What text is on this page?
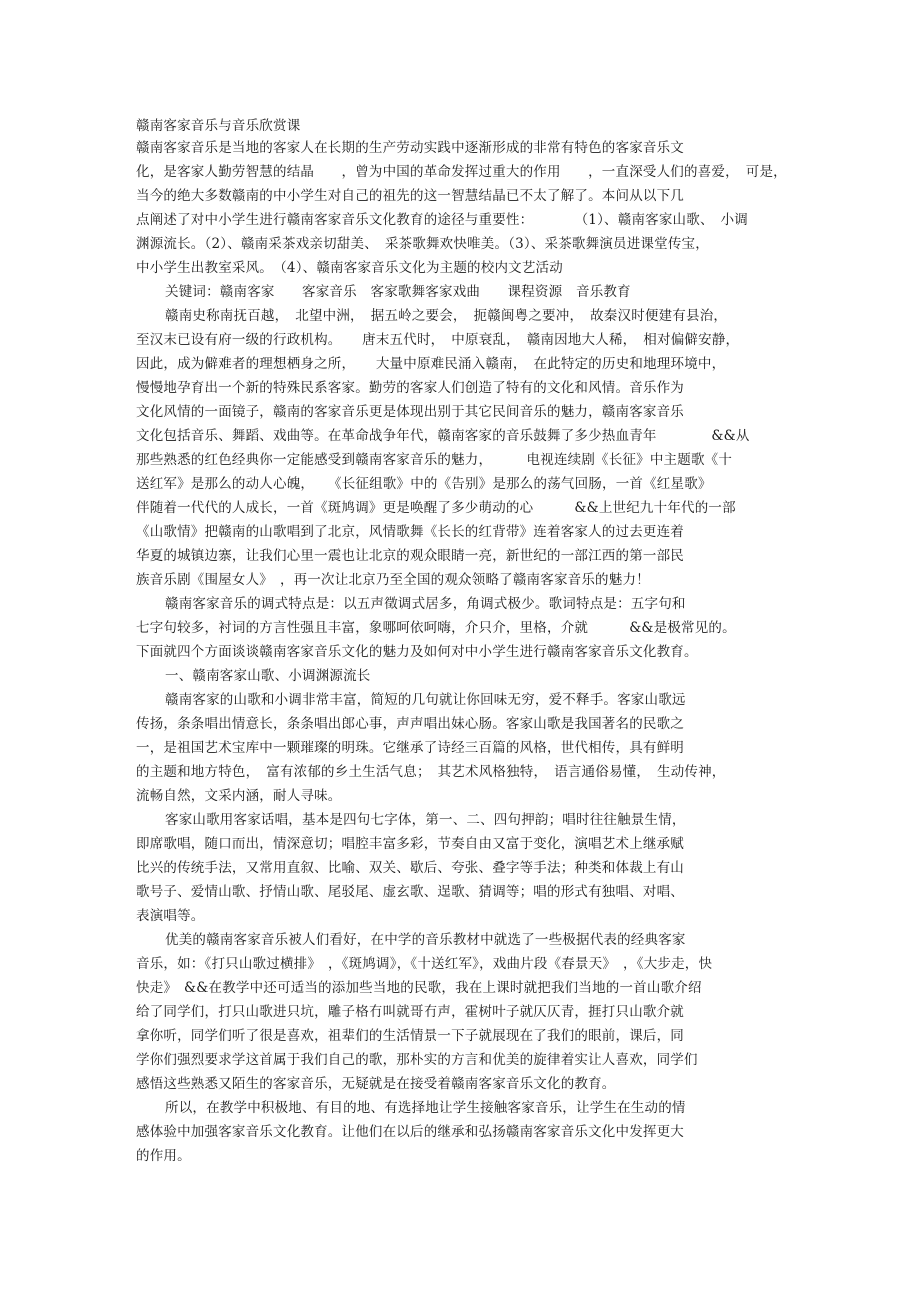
赣南客家音乐与音乐欣赏课
赣南客家音乐是当地的客家人在长期的生产劳动实践中逐渐形成的非常有特色的客家音乐文
化，是客家人勤劳智慧的结晶　　，曾为中国的革命发挥过重大的作用　　，一直深受人们的喜爱，　可是，
当今的绝大多数赣南的中小学生对自己的祖先的这一智慧结晶已不太了解了。本问从以下几
点阐述了对中小学生进行赣南客家音乐文化教育的途径与重要性：　　　　（1）、赣南客家山歌、　小调
渊源流长。（2）、赣南采茶戏亲切甜美、　采茶歌舞欢快唯美。（3）、采茶歌舞演员进课堂传宝，
中小学生出教室采风。　（4）、赣南客家音乐文化为主题的校内文艺活动
关键词：赣南客家　　客家音乐　客家歌舞客家戏曲　　课程资源　音乐教育
赣南史称南抚百越，　北望中洲，　据五岭之要会，　扼赣闽粤之要冲，　故秦汉时便建有县治，
至汉末已设有府一级的行政机构。　　唐末五代时，　中原衰乱，　赣南因地大人稀，　相对偏僻安静，
因此，成为僻难者的理想栖身之所，　　大量中原难民涌入赣南，　在此特定的历史和地理环境中，
慢慢地孕育出一个新的特殊民系客家。勤劳的客家人们创造了特有的文化和风情。音乐作为
文化风情的一面镜子，赣南的客家音乐更是体现出别于其它民间音乐的魅力，赣南客家音乐
文化包括音乐、舞蹈、戏曲等。在革命战争年代，赣南客家的音乐鼓舞了多少热血青年　　　　&&从
那些熟悉的红色经典你一定能感受到赣南客家音乐的魅力，　　　电视连续剧《长征》中主题歌《十
送红军》是那么的动人心魄，　　《长征组歌》中的《告别》是那么的荡气回肠，一首《红星歌》
伴随着一代代的人成长，一首《斑鸠调》更是唤醒了多少萌动的心　　　&&上世纪九十年代的一部
《山歌情》把赣南的山歌唱到了北京，风情歌舞《长长的红背带》连着客家人的过去更连着
华夏的城镇边寨，让我们心里一震也让北京的观众眼睛一亮，新世纪的一部江西的第一部民
族音乐剧《围屋女人》　，再一次让北京乃至全国的观众领略了赣南客家音乐的魅力！
赣南客家音乐的调式特点是：以五声徵调式居多，角调式极少。歌词特点是：五字句和
七字句较多，衬词的方言性强且丰富，象哪呵依呵嗨，介只介，里格，介就　　　&&是极常见的。
下面就四个方面谈谈赣南客家音乐文化的魅力及如何对中小学生进行赣南客家音乐文化教育。
一、赣南客家山歌、小调渊源流长
赣南客家的山歌和小调非常丰富，简短的几句就让你回味无穷，爱不释手。客家山歌远
传扬，条条唱出情意长，条条唱出郎心事，声声唱出妹心肠。客家山歌是我国著名的民歌之
一，是祖国艺术宝库中一颗璀璨的明珠。它继承了诗经三百篇的风格，世代相传，具有鲜明
的主题和地方特色，　富有浓郁的乡土生活气息；　其艺术风格独特，　语言通俗易懂，　生动传神，
流畅自然，文采内涵，耐人寻味。
客家山歌用客家话唱，基本是四句七字体，第一、二、四句押韵；唱时往往触景生情，
即席歌唱，随口而出，情深意切；唱腔丰富多彩，节奏自由又富于变化，演唱艺术上继承赋
比兴的传统手法，又常用直叙、比喻、双关、歇后、夸张、叠字等手法；种类和体裁上有山
歌号子、爱情山歌、抒情山歌、尾驳尾、虚玄歌、逞歌、猜调等；唱的形式有独唱、对唱、
表演唱等。
优美的赣南客家音乐被人们看好，在中学的音乐教材中就选了一些极据代表的经典客家
音乐，如：《打只山歌过横排》　，《斑鸠调》，《十送红军》，戏曲片段《春景天》　，《大步走，快
快走》　&&在教学中还可适当的添加些当地的民歌，我在上课时就把我们当地的一首山歌介绍
给了同学们，打只山歌进只坑，雕子格冇叫就哥冇声，霍树叶子就仄仄青，捱打只山歌介就
拿你听，同学们听了很是喜欢，祖辈们的生活情景一下子就展现在了我们的眼前，课后，同
学你们强烈要求学这首属于我们自己的歌，那朴实的方言和优美的旋律着实让人喜欢，同学们
感悟这些熟悉又陌生的客家音乐，无疑就是在接受着赣南客家音乐文化的教育。
所以，在教学中积极地、有目的地、有选择地让学生接触客家音乐，让学生在生动的情
感体验中加强客家音乐文化教育。让他们在以后的继承和弘扬赣南客家音乐文化中发挥更大
的作用。
